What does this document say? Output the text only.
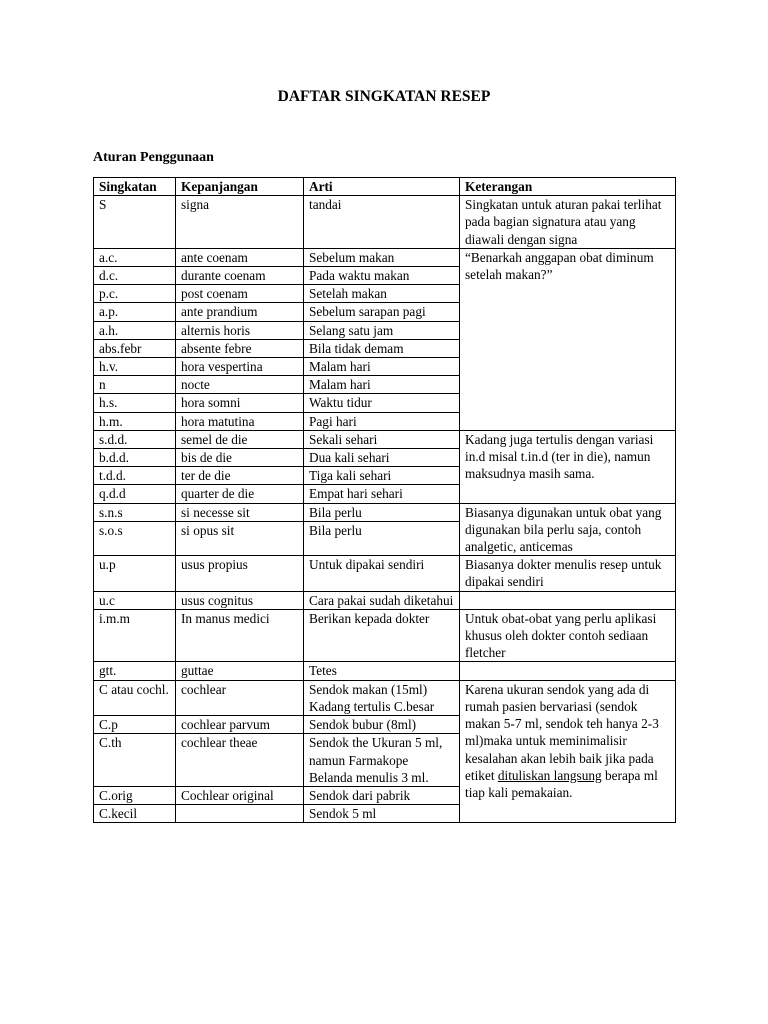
DAFTAR SINGKATAN RESEP
Aturan Penggunaan
Singkatan	Kepanjangan	Arti	Keterangan
S	signa	tandai	Singkatan untuk aturan pakai terlihat pada bagian signatura atau yang diawali dengan signa
a.c.	ante coenam	Sebelum makan	“Benarkah anggapan obat diminum setelah makan?”
d.c.	durante coenam	Pada waktu makan	
p.c.	post coenam	Setelah makan	
a.p.	ante prandium	Sebelum sarapan pagi	
a.h.	alternis horis	Selang satu jam	
abs.febr	absente febre	Bila tidak demam	
h.v.	hora vespertina	Malam hari	
n	nocte	Malam hari	
h.s.	hora somni	Waktu tidur	
h.m.	hora matutina	Pagi hari	
s.d.d.	semel de die	Sekali sehari	Kadang juga tertulis dengan variasi in.d misal t.in.d (ter in die), namun maksudnya masih sama.
b.d.d.	bis de die	Dua kali sehari	
t.d.d.	ter de die	Tiga kali sehari	
q.d.d	quarter de die	Empat hari sehari	
s.n.s	si necesse sit	Bila perlu	Biasanya digunakan untuk obat yang digunakan bila perlu saja, contoh analgetic, anticemas
s.o.s	si opus sit	Bila perlu	
u.p	usus propius	Untuk dipakai sendiri	Biasanya dokter menulis resep untuk dipakai sendiri
u.c	usus cognitus	Cara pakai sudah diketahui	
i.m.m	In manus medici	Berikan kepada dokter	Untuk obat-obat yang perlu aplikasi khusus oleh dokter contoh sediaan fletcher
gtt.	guttae	Tetes	
C atau cochl.	cochlear	Sendok makan (15ml) Kadang tertulis C.besar	Karena ukuran sendok yang ada di rumah pasien bervariasi (sendok makan 5-7 ml, sendok teh hanya 2-3 ml)maka untuk meminimalisir kesalahan akan lebih baik jika pada etiket dituliskan langsung berapa ml tiap kali pemakaian.
C.p	cochlear parvum	Sendok bubur (8ml)	
C.th	cochlear theae	Sendok the Ukuran 5 ml, namun Farmakope Belanda menulis 3 ml.	
C.orig	Cochlear original	Sendok dari pabrik	
C.kecil		Sendok 5 ml	
